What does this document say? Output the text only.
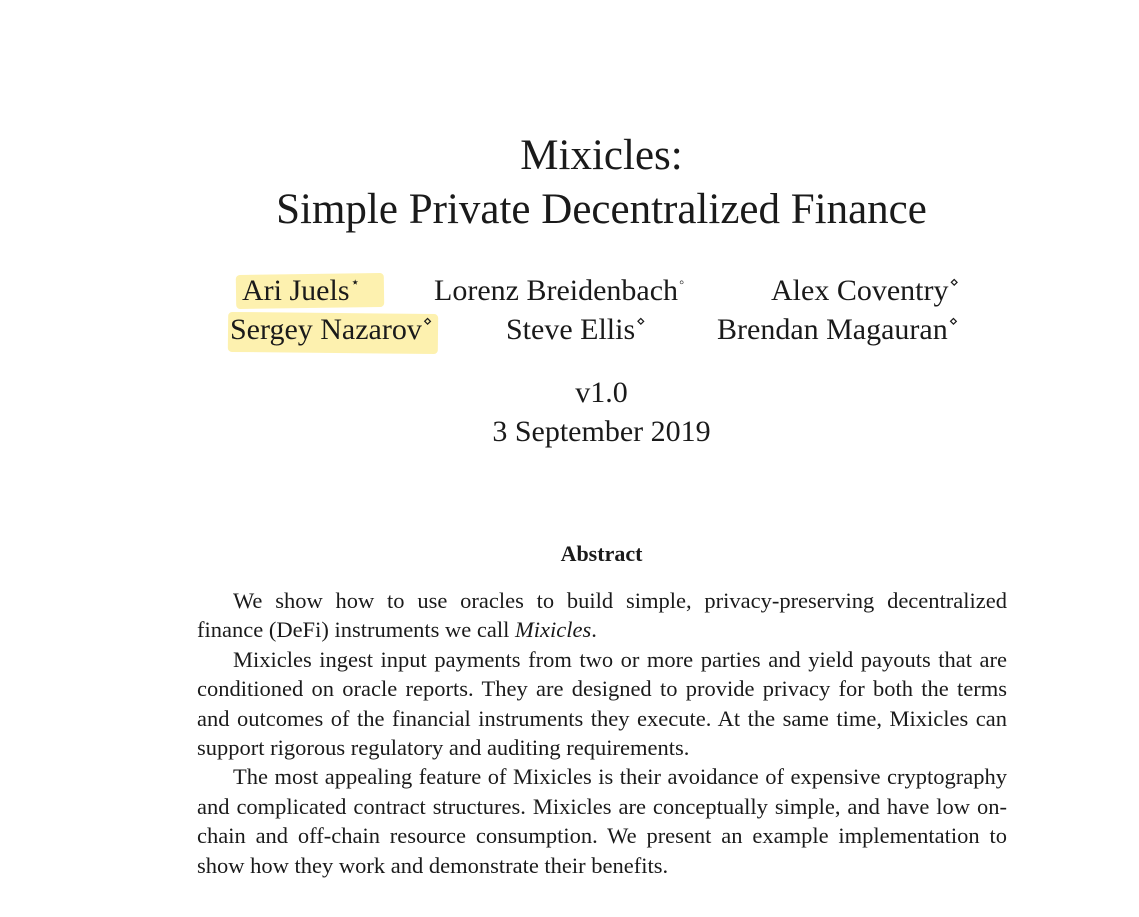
Mixicles:
Simple Private Decentralized Finance
Ari Juels⋆ Lorenz Breidenbach◦	Alex Coventry⋄
Sergey Nazarov⋄ Steve Ellis⋄ Brendan Magauran⋄
v1.0
3 September 2019
Abstract

We show how to use oracles to build simple, privacy-preserving decentralized finance (DeFi) instruments we call Mixicles.

Mixicles ingest input payments from two or more parties and yield payouts that are conditioned on oracle reports. They are designed to provide privacy for both the terms and outcomes of the financial instruments they execute. At the same time, Mixicles can support rigorous regulatory and auditing requirements.

The most appealing feature of Mixicles is their avoidance of expensive cryptography and complicated contract structures. Mixicles are conceptually simple, and have low on-chain and off-chain resource consumption. We present an example implementation to show how they work and demonstrate their benefits.
